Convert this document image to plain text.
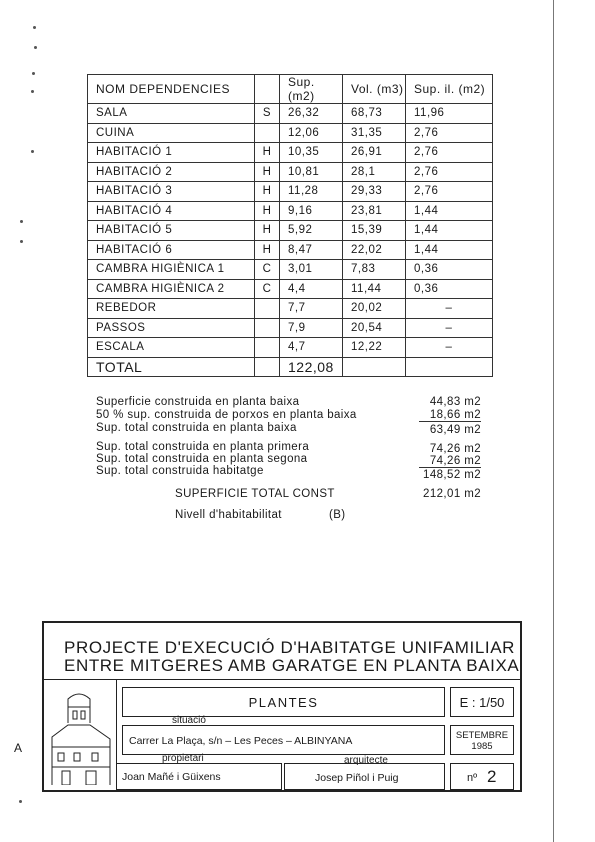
NOM DEPENDENCIES		Sup. (m2)	Vol. (m3)	Sup. il. (m2)
SALA	S	26,32	68,73	11,96
CUINA		12,06	31,35	2,76
HABITACIÓ 1	H	10,35	26,91	2,76
HABITACIÓ 2	H	10,81	28,1	2,76
HABITACIÓ 3	H	11,28	29,33	2,76
HABITACIÓ 4	H	9,16	23,81	1,44
HABITACIÓ 5	H	5,92	15,39	1,44
HABITACIÓ 6	H	8,47	22,02	1,44
CAMBRA HIGIÈNICA 1	C	3,01	7,83	0,36
CAMBRA HIGIÈNICA 2	C	4,4	11,44	0,36
REBEDOR		7,7	20,02	–
PASSOS		7,9	20,54	–
ESCALA		4,7	12,22	–
TOTAL		122,08		
Superficie construida en planta baixa	44,83 m2
50 % sup. construida de porxos en planta baixa	18,66 m2
Sup. total construida en planta baixa	63,49 m2
Sup. total construida en planta primera	74,26 m2
Sup. total construida en planta segona	74,26 m2
Sup. total construida habitatge	148,52 m2
SUPERFICIE TOTAL CONST	212,01 m2
Nivell d'habitabilitat	(B)
A
PROJECTE D'EXECUCIÓ D'HABITATGE UNIFAMILIAR
ENTRE MITGERES AMB GARATGE EN PLANTA BAIXA
PLANTES	E : 1/50
situació
Carrer La Plaça, s/n – Les Peces – ALBINYANA	SETEMBRE
1985
propietari
Joan Mañé i Güixens
arquitecte
Josep Piñol i Puig	nº 2
